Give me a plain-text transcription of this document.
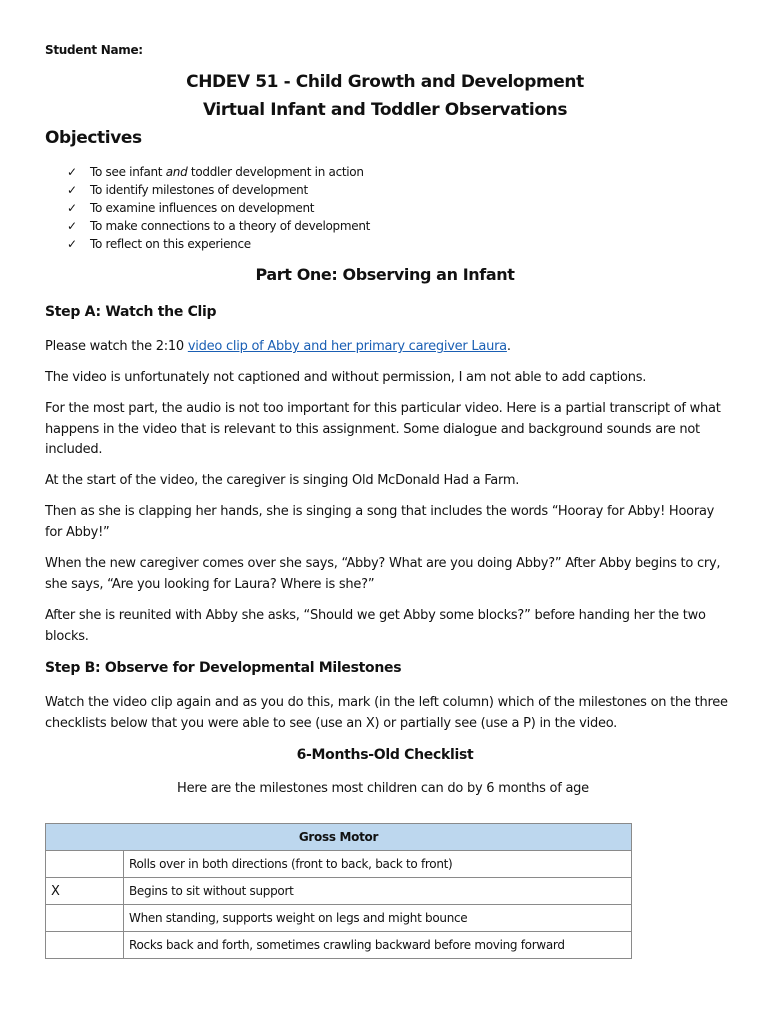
Student Name:
CHDEV 51 - Child Growth and Development
Virtual Infant and Toddler Observations
Objectives
✓ To see infant and toddler development in action
✓ To identify milestones of development
✓ To examine influences on development
✓ To make connections to a theory of development
✓ To reflect on this experience
Part One: Observing an Infant
Step A: Watch the Clip

Please watch the 2:10 video clip of Abby and her primary caregiver Laura.

The video is unfortunately not captioned and without permission, I am not able to add captions.

For the most part, the audio is not too important for this particular video. Here is a partial transcript of what happens in the video that is relevant to this assignment. Some dialogue and background sounds are not included.

At the start of the video, the caregiver is singing Old McDonald Had a Farm.

Then as she is clapping her hands, she is singing a song that includes the words “Hooray for Abby! Hooray for Abby!”

When the new caregiver comes over she says, “Abby? What are you doing Abby?” After Abby begins to cry, she says, “Are you looking for Laura? Where is she?”

After she is reunited with Abby she asks, “Should we get Abby some blocks?” before handing her the two blocks.

Step B: Observe for Developmental Milestones

Watch the video clip again and as you do this, mark (in the left column) which of the milestones on the three checklists below that you were able to see (use an X) or partially see (use a P) in the video.

6-Months-Old Checklist
Here are the milestones most children can do by 6 months of age
Gross Motor	
	Rolls over in both directions (front to back, back to front)
X	Begins to sit without support
	When standing, supports weight on legs and might bounce
	Rocks back and forth, sometimes crawling backward before moving forward
